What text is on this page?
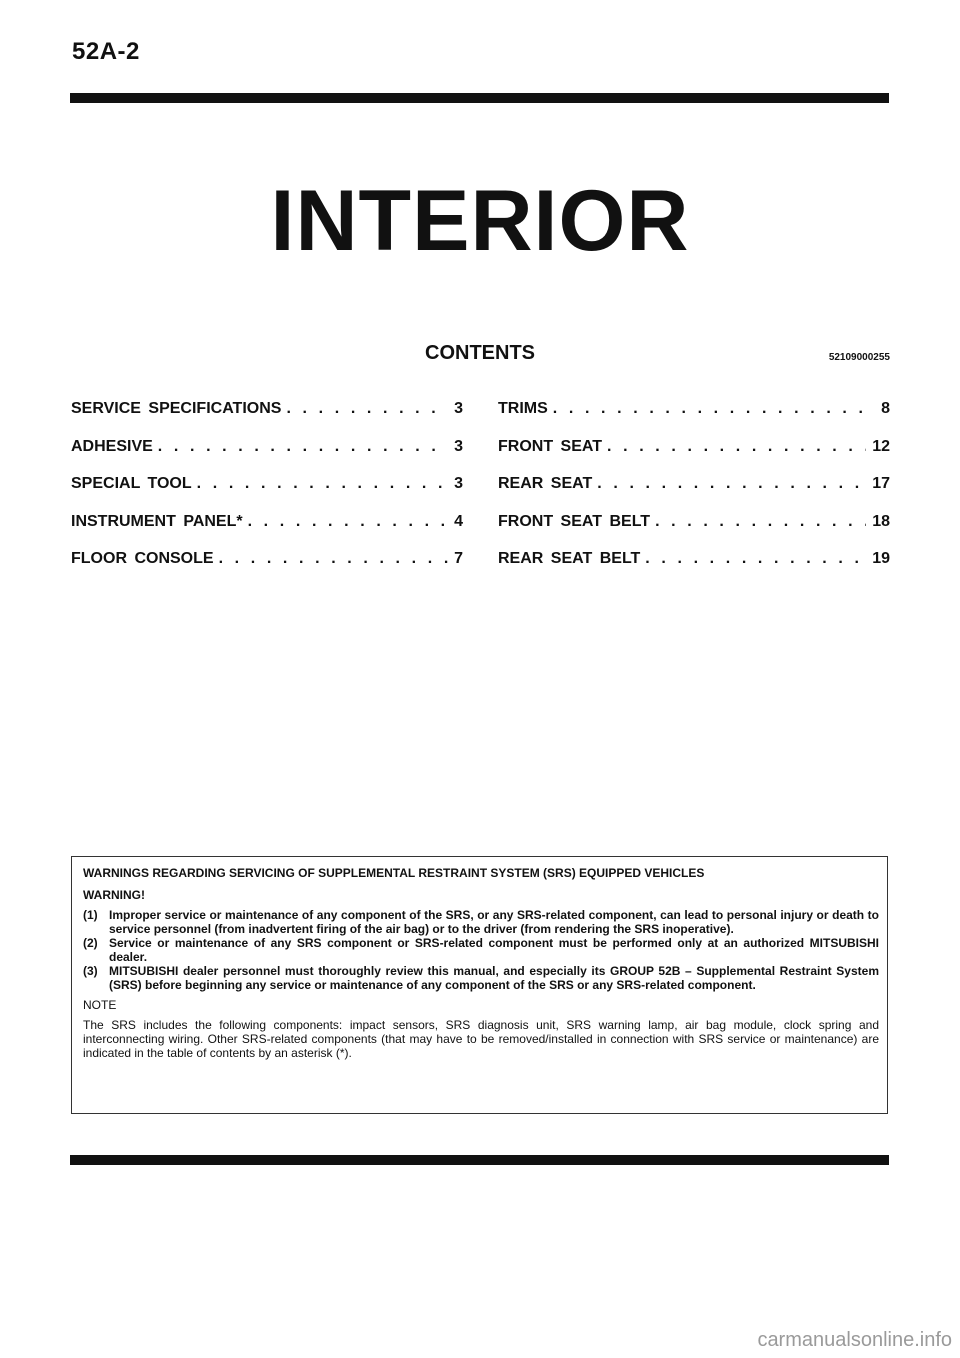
52A-2
INTERIOR
CONTENTS	52109000255
SERVICE SPECIFICATIONS . . .	3
ADHESIVE . . .	3
SPECIAL TOOL . . .	3
INSTRUMENT PANEL* . . .	4
FLOOR CONSOLE . . .	7
TRIMS . . .	8
FRONT SEAT . . .	12
REAR SEAT . . .	17
FRONT SEAT BELT . . .	18
REAR SEAT BELT . . .	19
WARNINGS REGARDING SERVICING OF SUPPLEMENTAL RESTRAINT SYSTEM (SRS) EQUIPPED VEHICLES
WARNING!
(1) Improper service or maintenance of any component of the SRS, or any SRS-related component, can lead to personal injury or death to service personnel (from inadvertent firing of the air bag) or to the driver (from rendering the SRS inoperative).
(2) Service or maintenance of any SRS component or SRS-related component must be performed only at an authorized MITSUBISHI dealer.
(3) MITSUBISHI dealer personnel must thoroughly review this manual, and especially its GROUP 52B – Supplemental Restraint System (SRS) before beginning any service or maintenance of any component of the SRS or any SRS-related component.
NOTE
The SRS includes the following components: impact sensors, SRS diagnosis unit, SRS warning lamp, air bag module, clock spring and interconnecting wiring. Other SRS-related components (that may have to be removed/installed in connection with SRS service or maintenance) are indicated in the table of contents by an asterisk (*).
carmanualsonline.info
